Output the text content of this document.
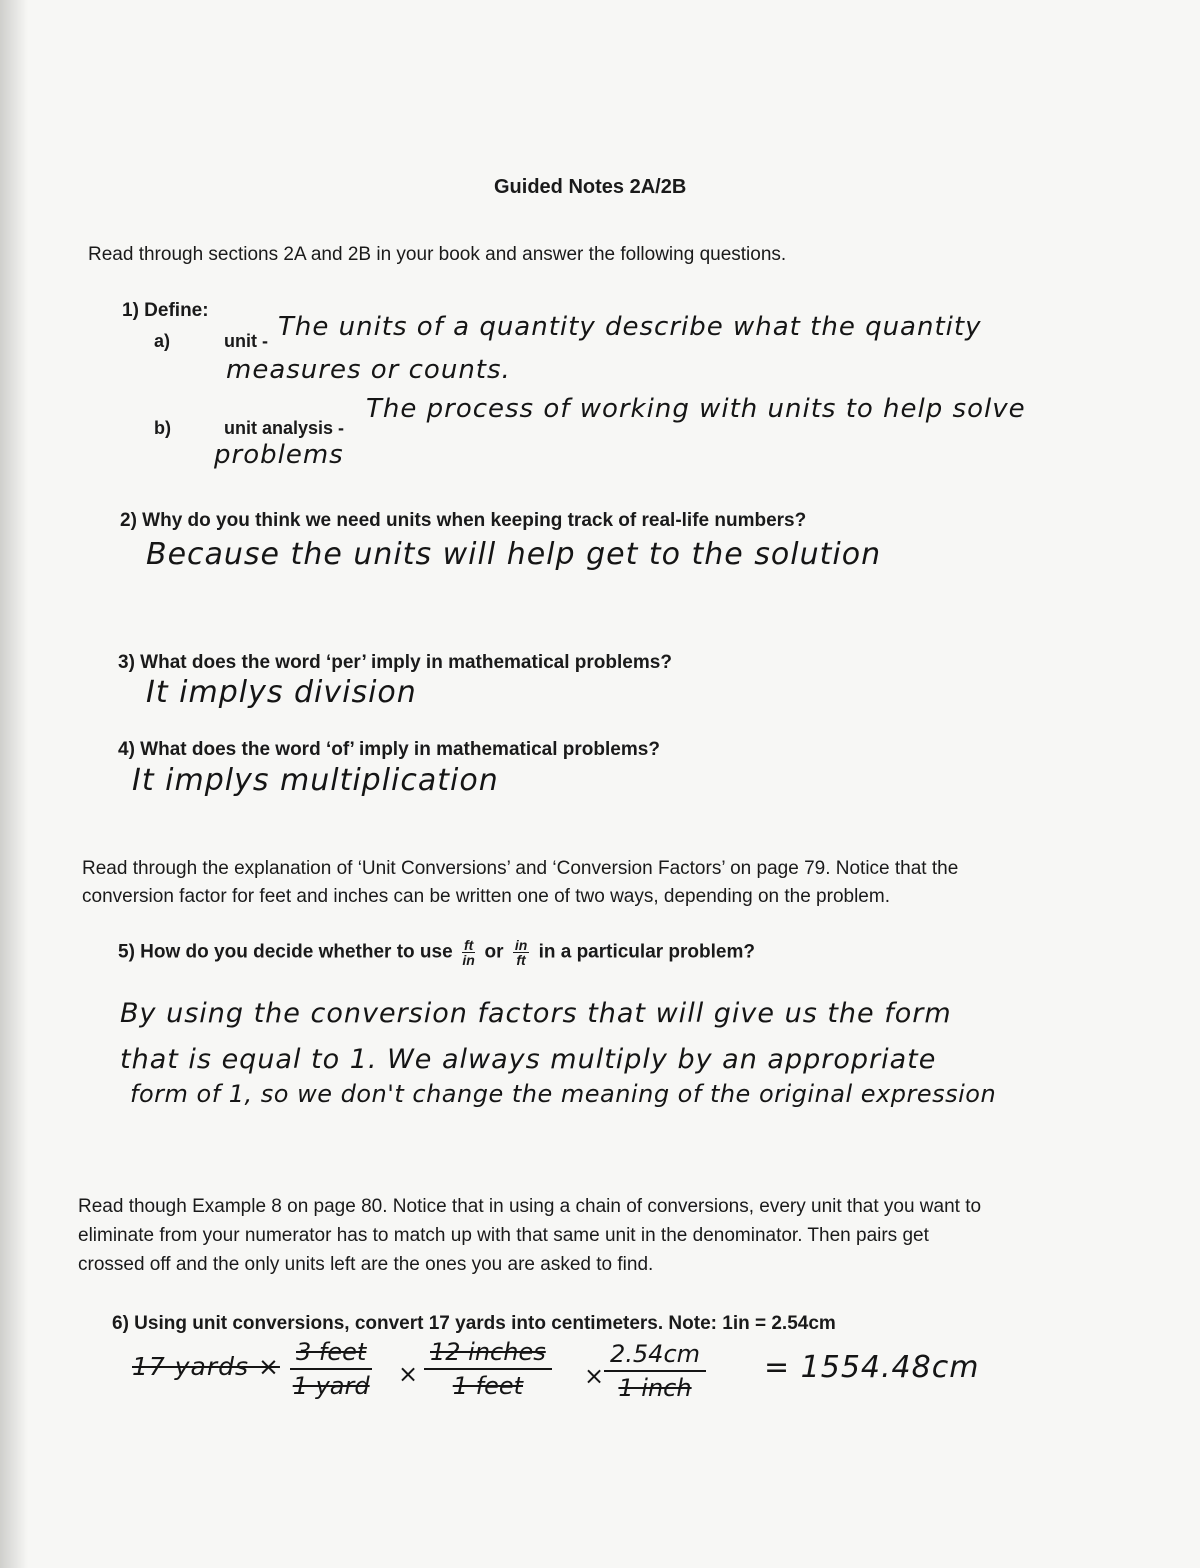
Guided Notes 2A/2B
Read through sections 2A and 2B in your book and answer the following questions.
1) Define:
a)	unit - The units of a quantity describe what the quantity
measures or counts.
b)	unit analysis -
The process of working with units to help solve
problems
2) Why do you think we need units when keeping track of real-life numbers?
Because the units will help get to the solution
3) What does the word ‘per’ imply in mathematical problems?
It implys division
4) What does the word ‘of’ imply in mathematical problems?
It implys multiplication
Read through the explanation of ‘Unit Conversions’ and ‘Conversion Factors’ on page 79. Notice that the
conversion factor for feet and inches can be written one of two ways, depending on the problem.
5) How do you decide whether to use $\frac{ft}{in}$ or $\frac{in}{ft}$ in a particular problem?
By using the conversion factors that will give us the form
that is equal to 1. We always multiply by an appropriate
form of 1, so we don't change the meaning of the original expression
Read though Example 8 on page 80. Notice that in using a chain of conversions, every unit that you want to
eliminate from your numerator has to match up with that same unit in the denominator. Then pairs get
crossed off and the only units left are the ones you are asked to find.
6) Using unit conversions, convert 17 yards into centimeters. Note: 1in = 2.54cm
17 yards × 3 feet
1 yard ×
12 inches
1 feet	×
2.54cm
1 inch
= 1554.48cm
